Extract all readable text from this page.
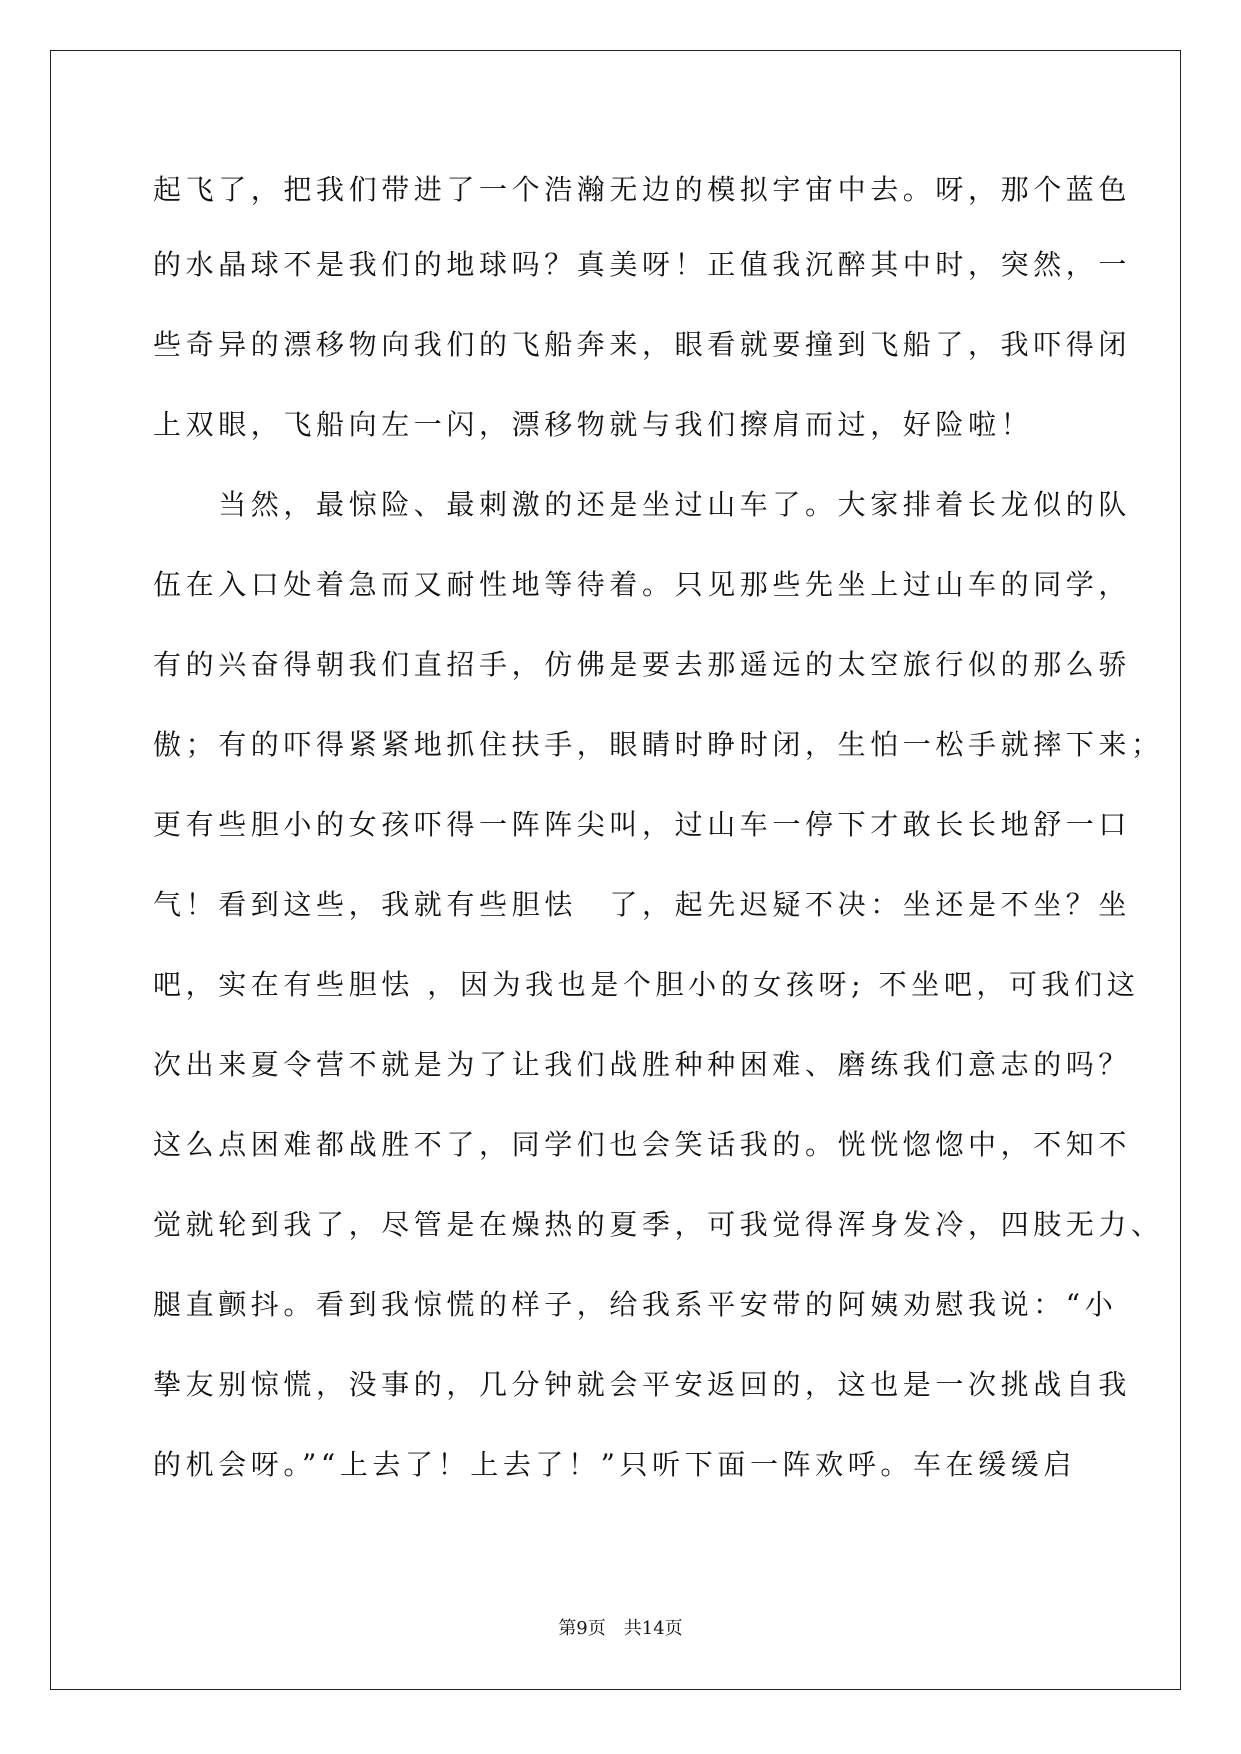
起飞了，把我们带进了一个浩瀚无边的模拟宇宙中去。呀，那个蓝色
的水晶球不是我们的地球吗？真美呀！正值我沉醉其中时，突然，一
些奇异的漂移物向我们的飞船奔来，眼看就要撞到飞船了，我吓得闭
上双眼，飞船向左一闪，漂移物就与我们擦肩而过，好险啦！
　　当然，最惊险、最刺激的还是坐过山车了。大家排着长龙似的队
伍在入口处着急而又耐性地等待着。只见那些先坐上过山车的同学，
有的兴奋得朝我们直招手，仿佛是要去那遥远的太空旅行似的那么骄
傲；有的吓得紧紧地抓住扶手，眼睛时睁时闭，生怕一松手就摔下来；
更有些胆小的女孩吓得一阵阵尖叫，过山车一停下才敢长长地舒一口
气！看到这些，我就有些胆怯　了，起先迟疑不决：坐还是不坐？坐
吧，实在有些胆怯 ，因为我也是个胆小的女孩呀; 不坐吧，可我们这
次出来夏令营不就是为了让我们战胜种种困难、磨练我们意志的吗？
这么点困难都战胜不了，同学们也会笑话我的。恍恍惚惚中，不知不
觉就轮到我了，尽管是在燥热的夏季，可我觉得浑身发冷，四肢无力、
腿直颤抖。看到我惊慌的样子，给我系平安带的阿姨劝慰我说：“小
挚友别惊慌，没事的，几分钟就会平安返回的，这也是一次挑战自我
的机会呀。”“上去了！上去了！”只听下面一阵欢呼。车在缓缓启
第9页　共14页
